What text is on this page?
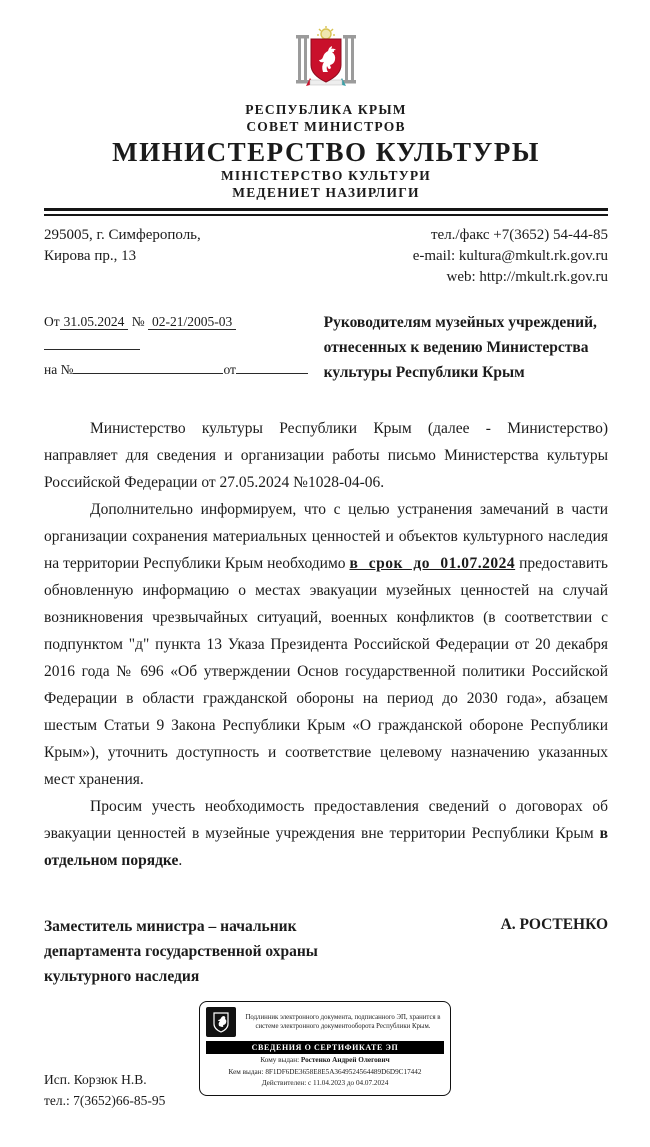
РЕСПУБЛИКА КРЫМ
СОВЕТ МИНИСТРОВ
МИНИСТЕРСТВО КУЛЬТУРЫ
МІНІСТЕРСТВО КУЛЬТУРИ
МЕДЕНИЕТ НАЗИРЛИГИ
295005, г. Симферополь,
Кирова пр., 13
тел./факс +7(3652) 54-44-85
e-mail: kultura@mkult.rk.gov.ru
web: http://mkult.rk.gov.ru
От 31.05.2024 № 02-21/2005-03
на №	от
Руководителям музейных учреждений, отнесенных к ведению Министерства культуры Республики Крым

Министерство культуры Республики Крым (далее - Министерство) направляет для сведения и организации работы письмо Министерства культуры Российской Федерации от 27.05.2024 №1028-04-06.

Дополнительно информируем, что с целью устранения замечаний в части организации сохранения материальных ценностей и объектов культурного наследия на территории Республики Крым необходимо в срок до 01.07.2024 предоставить обновленную информацию о местах эвакуации музейных ценностей на случай возникновения чрезвычайных ситуаций, военных конфликтов (в соответствии с подпунктом "д" пункта 13 Указа Президента Российской Федерации от 20 декабря 2016 года № 696 «Об утверждении Основ государственной политики Российской Федерации в области гражданской обороны на период до 2030 года», абзацем шестым Статьи 9 Закона Республики Крым «О гражданской обороне Республики Крым»), уточнить доступность и соответствие целевому назначению указанных мест хранения.

Просим учесть необходимость предоставления сведений о договорах об эвакуации ценностей в музейные учреждения вне территории Республики Крым в отдельном порядке.

Заместитель министра – начальник департамента государственной охраны культурного наследия
А. РОСТЕНКО
Подлинник электронного документа, подписанного ЭП, хранится в системе электронного документооборота Республики Крым.
СВЕДЕНИЯ О СЕРТИФИКАТЕ ЭП
Кому выдан: Ростенко Андрей Олегович
Кем выдан: 8F1DF6DE3658E8E5A3649524564489D6D9C17442
Действителен: с 11.04.2023 до 04.07.2024
Исп. Корзюк Н.В.
тел.: 7(3652)66-85-95
